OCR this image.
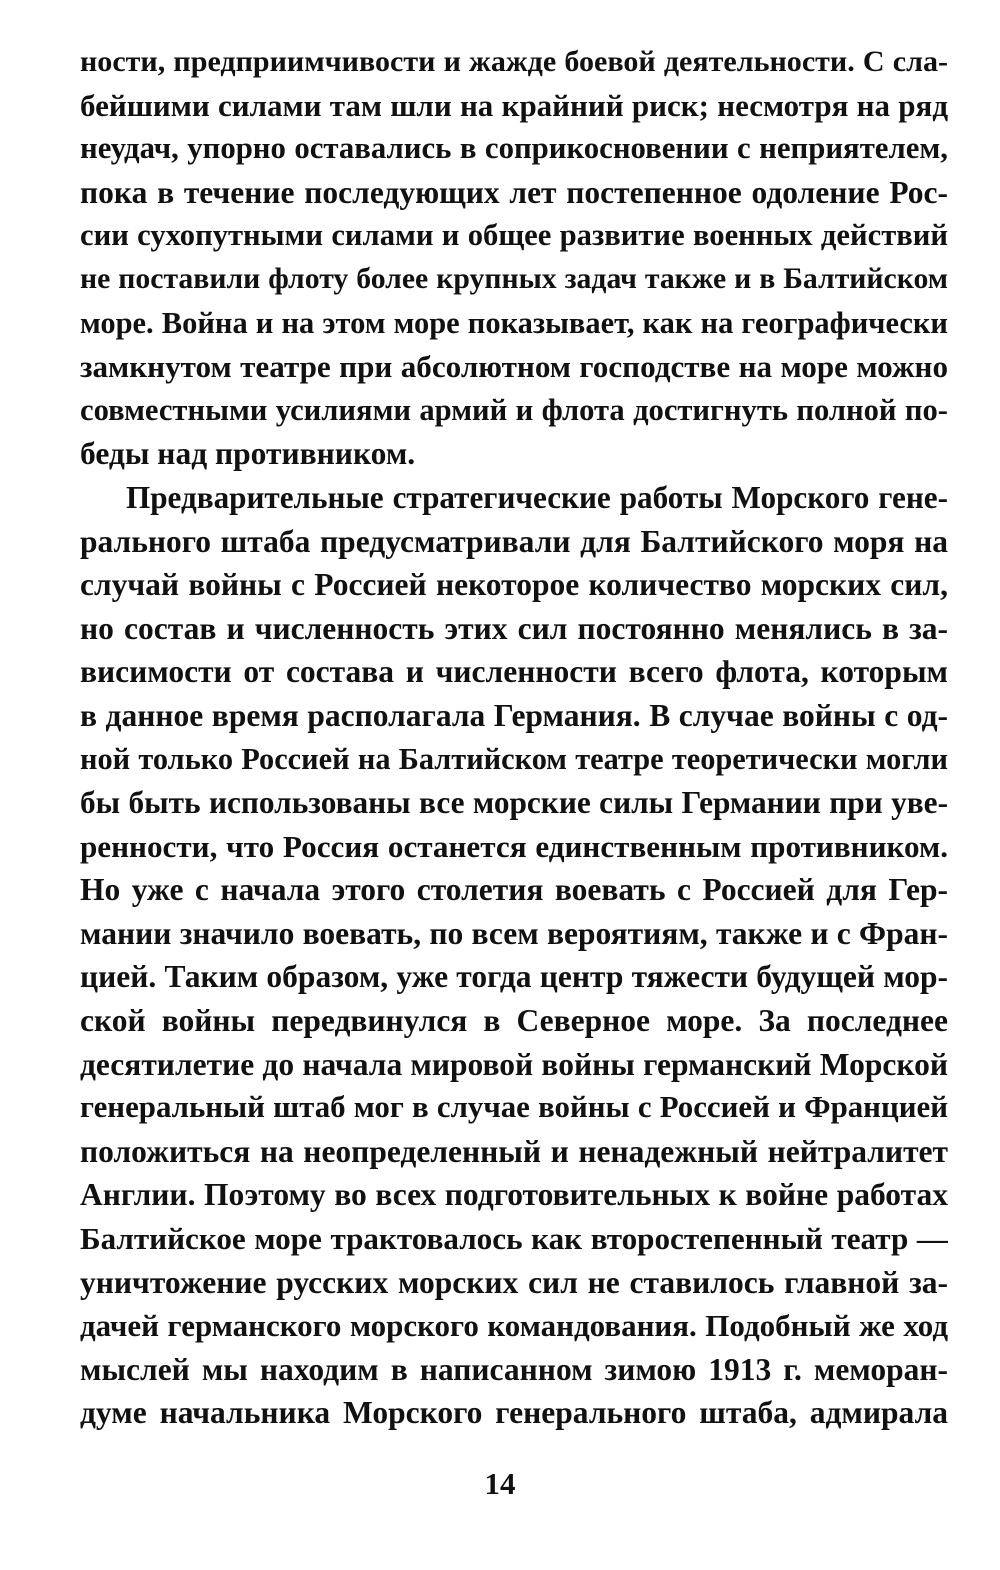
ности, предприимчивости и жажде боевой деятельности. С сла-
бейшими силами там шли на крайний риск; несмотря на ряд
неудач, упорно оставались в соприкосновении с неприятелем,
пока в течение последующих лет постепенное одоление Рос-
сии сухопутными силами и общее развитие военных действий
не поставили флоту более крупных задач также и в Балтийском
море. Война и на этом море показывает, как на географически
замкнутом театре при абсолютном господстве на море можно
совместными усилиями армий и флота достигнуть полной по-
беды над противником.
Предварительные стратегические работы Морского гене-
рального штаба предусматривали для Балтийского моря на
случай войны с Россией некоторое количество морских сил,
но состав и численность этих сил постоянно менялись в за-
висимости от состава и численности всего флота, которым
в данное время располагала Германия. В случае войны с од-
ной только Россией на Балтийском театре теоретически могли
бы быть использованы все морские силы Германии при уве-
ренности, что Россия останется единственным противником.
Но уже с начала этого столетия воевать с Россией для Гер-
мании значило воевать, по всем вероятиям, также и с Фран-
цией. Таким образом, уже тогда центр тяжести будущей мор-
ской войны передвинулся в Северное море. За последнее
десятилетие до начала мировой войны германский Морской
генеральный штаб мог в случае войны с Россией и Францией
положиться на неопределенный и ненадежный нейтралитет
Англии. Поэтому во всех подготовительных к войне работах
Балтийское море трактовалось как второстепенный театр —
уничтожение русских морских сил не ставилось главной за-
дачей германского морского командования. Подобный же ход
мыслей мы находим в написанном зимою 1913 г. меморан-
думе начальника Морского генерального штаба, адмирала
14
